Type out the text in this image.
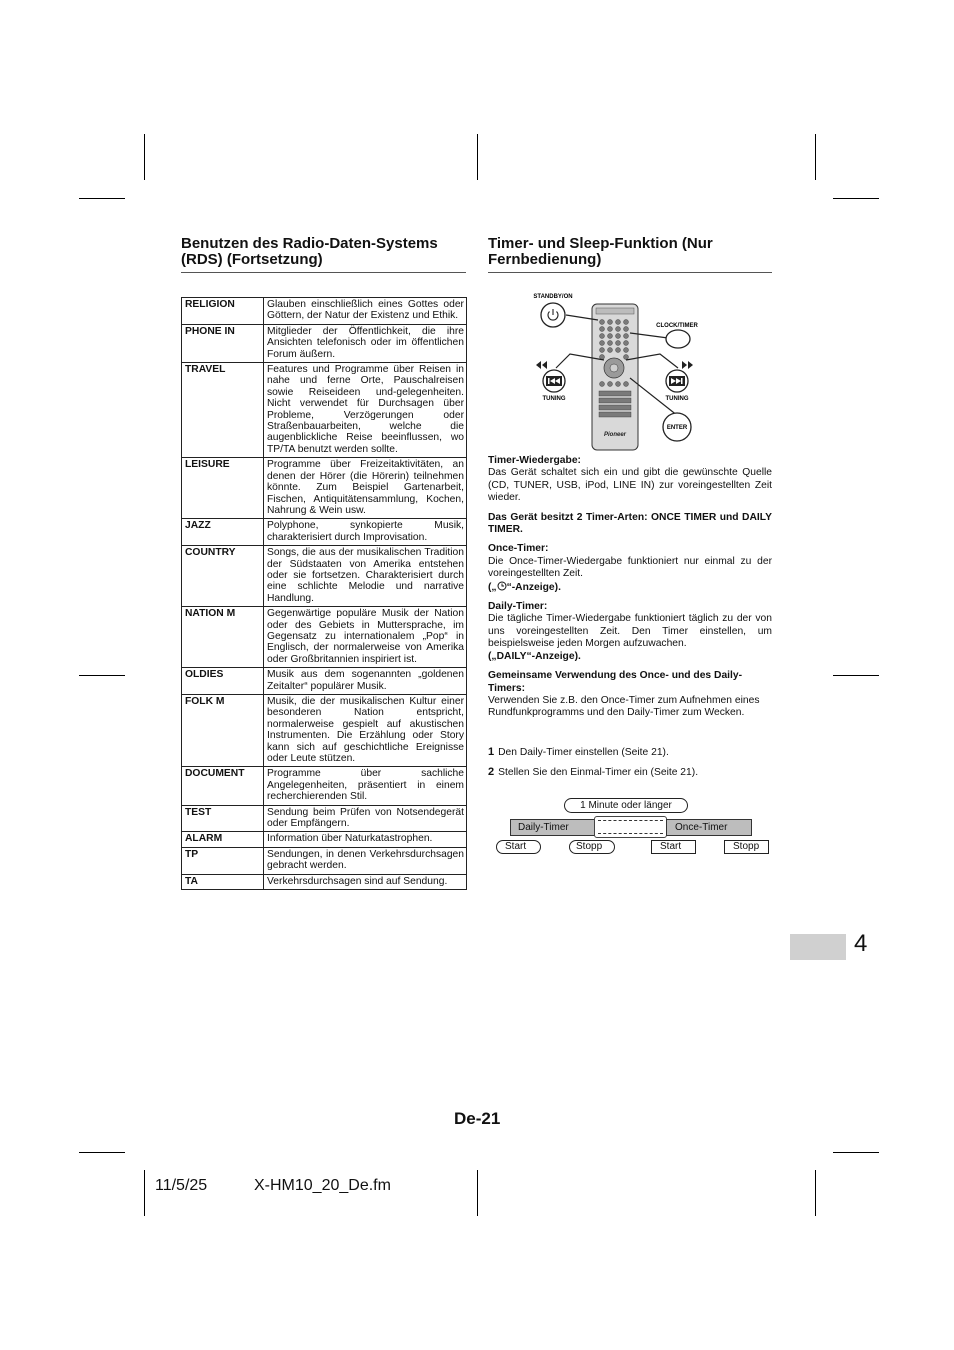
Benutzen des Radio-Daten-Systems (RDS) (Fortsetzung)
RELIGION	Glauben einschließlich eines Gottes oder Göttern, der Natur der Existenz und Ethik.
PHONE IN	Mitglieder der Öffentlichkeit, die ihre Ansichten telefonisch oder im öffentlichen Forum äußern.
TRAVEL	Features und Programme über Reisen in nahe und ferne Orte, Pauschalreisen sowie Reiseideen und-gelegenheiten. Nicht verwendet für Durchsagen über Probleme, Verzögerungen oder Straßenbauarbeiten, welche die augenblickliche Reise beeinflussen, wo TP/TA benutzt werden sollte.
LEISURE	Programme über Freizeitaktivitäten, an denen der Hörer (die Hörerin) teilnehmen könnte. Zum Beispiel Gartenarbeit, Fischen, Antiquitätensammlung, Kochen, Nahrung & Wein usw.
JAZZ	Polyphone, synkopierte Musik, charakterisiert durch Improvisation.
COUNTRY	Songs, die aus der musikalischen Tradition der Südstaaten von Amerika entstehen oder sie fortsetzen. Charakterisiert durch eine schlichte Melodie und narrative Handlung.
NATION M	Gegenwärtige populäre Musik der Nation oder des Gebiets in Muttersprache, im Gegensatz zu internationalem „Pop“ in Englisch, der normalerweise von Amerika oder Großbritannien inspiriert ist.
OLDIES	Musik aus dem sogenannten „goldenen Zeitalter“ populärer Musik.
FOLK M	Musik, die der musikalischen Kultur einer besonderen Nation entspricht, normalerweise gespielt auf akustischen Instrumenten. Die Erzählung oder Story kann sich auf geschichtliche Ereignisse oder Leute stützen.
DOCUMENT	Programme über sachliche Angelegenheiten, präsentiert in einem recherchierenden Stil.
TEST	Sendung beim Prüfen von Notsendegerät oder Empfängern.
ALARM	Information über Naturkatastrophen.
TP	Sendungen, in denen Verkehrsdurchsagen gebracht werden.
TA	Verkehrsdurchsagen sind auf Sendung.
Timer- und Sleep-Funktion (Nur Fernbedienung)
Pioneer
STANDBY/ON
CLOCK/TIMER
TUNING	TUNING
ENTER

Timer-Wiedergabe:

Das Gerät schaltet sich ein und gibt die gewünschte Quelle (CD, TUNER, USB, iPod, LINE IN) zur voreingestellten Zeit wieder.

Das Gerät besitzt 2 Timer-Arten: ONCE TIMER und DAILY TIMER.

Once-Timer:

Die Once-Timer-Wiedergabe funktioniert nur einmal zu der voreingestellten Zeit.

(„ “-Anzeige).

Daily-Timer:

Die tägliche Timer-Wiedergabe funktioniert täglich zu der von uns voreingestellten Zeit. Den Timer einstellen, um beispielsweise jeden Morgen aufzuwachen.

(„DAILY“-Anzeige).

Gemeinsame Verwendung des Once- und des Daily-Timers:

Verwenden Sie z.B. den Once-Timer zum Aufnehmen eines Rundfunkprogramms und den Daily-Timer zum Wecken.

1 Den Daily-Timer einstellen (Seite 21).
2 Stellen Sie den Einmal-Timer ein (Seite 21).
1 Minute oder länger
Daily-Timer	Once-Timer
Start	Stopp	Start	Stopp
4
De-21
11/5/25	X-HM10_20_De.fm
